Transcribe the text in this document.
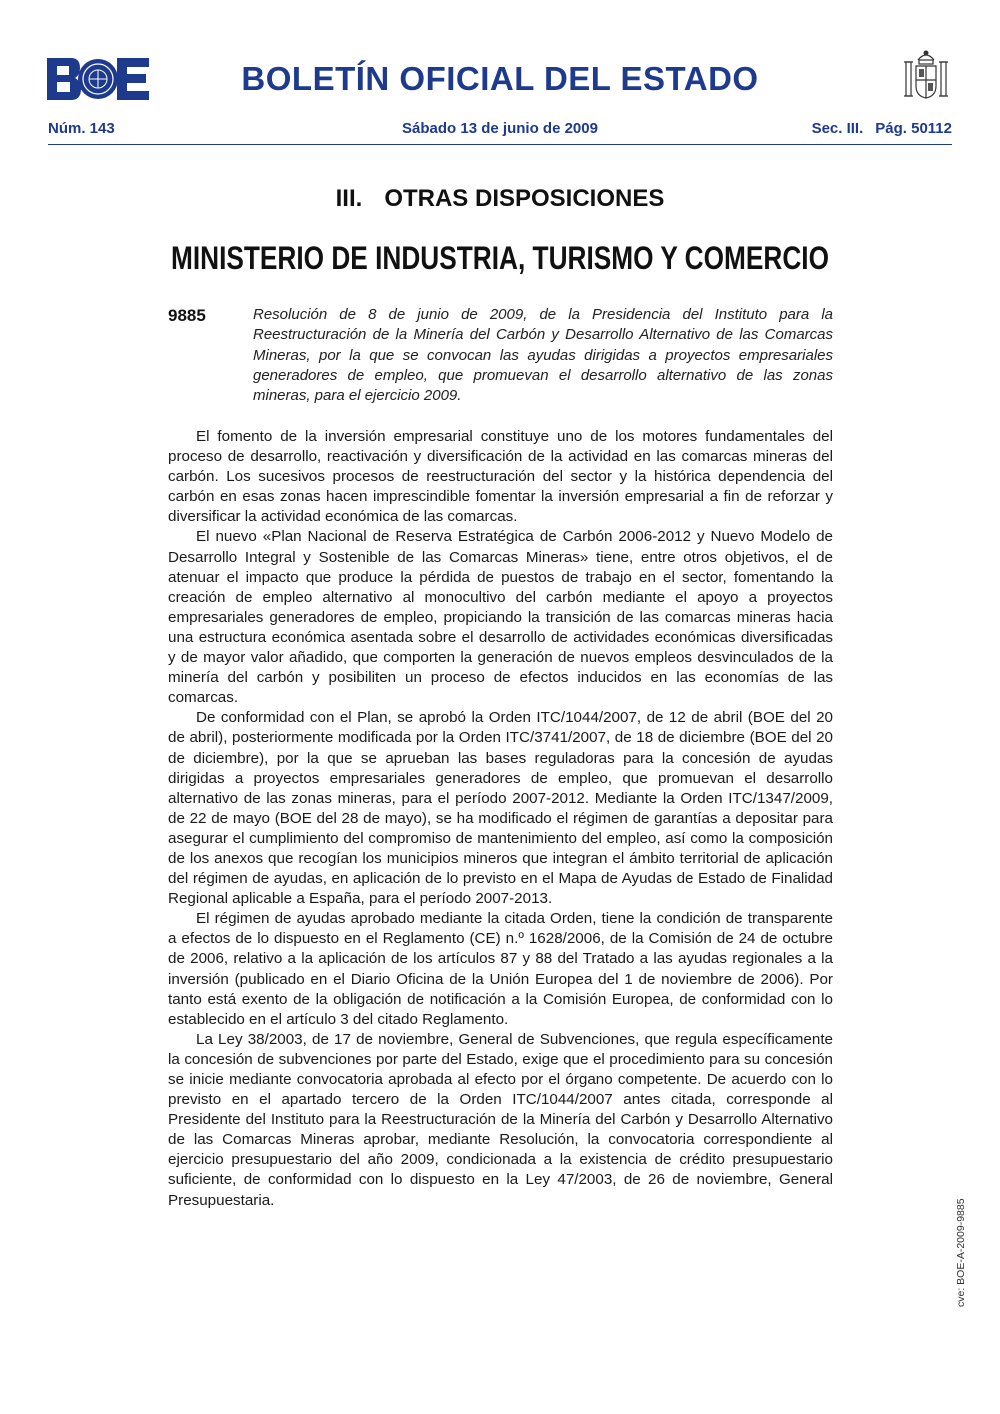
BOLETÍN OFICIAL DEL ESTADO
Núm. 143	Sábado 13 de junio de 2009	Sec. III. Pág. 50112
III. OTRAS DISPOSICIONES
MINISTERIO DE INDUSTRIA, TURISMO Y COMERCIO
9885	Resolución de 8 de junio de 2009, de la Presidencia del Instituto para la Reestructuración de la Minería del Carbón y Desarrollo Alternativo de las Comarcas Mineras, por la que se convocan las ayudas dirigidas a proyectos empresariales generadores de empleo, que promuevan el desarrollo alternativo de las zonas mineras, para el ejercicio 2009.

El fomento de la inversión empresarial constituye uno de los motores fundamentales del proceso de desarrollo, reactivación y diversificación de la actividad en las comarcas mineras del carbón. Los sucesivos procesos de reestructuración del sector y la histórica dependencia del carbón en esas zonas hacen imprescindible fomentar la inversión empresarial a fin de reforzar y diversificar la actividad económica de las comarcas.

El nuevo «Plan Nacional de Reserva Estratégica de Carbón 2006-2012 y Nuevo Modelo de Desarrollo Integral y Sostenible de las Comarcas Mineras» tiene, entre otros objetivos, el de atenuar el impacto que produce la pérdida de puestos de trabajo en el sector, fomentando la creación de empleo alternativo al monocultivo del carbón mediante el apoyo a proyectos empresariales generadores de empleo, propiciando la transición de las comarcas mineras hacia una estructura económica asentada sobre el desarrollo de actividades económicas diversificadas y de mayor valor añadido, que comporten la generación de nuevos empleos desvinculados de la minería del carbón y posibiliten un proceso de efectos inducidos en las economías de las comarcas.

De conformidad con el Plan, se aprobó la Orden ITC/1044/2007, de 12 de abril (BOE del 20 de abril), posteriormente modificada por la Orden ITC/3741/2007, de 18 de diciembre (BOE del 20 de diciembre), por la que se aprueban las bases reguladoras para la concesión de ayudas dirigidas a proyectos empresariales generadores de empleo, que promuevan el desarrollo alternativo de las zonas mineras, para el período 2007-2012. Mediante la Orden ITC/1347/2009, de 22 de mayo (BOE del 28 de mayo), se ha modificado el régimen de garantías a depositar para asegurar el cumplimiento del compromiso de mantenimiento del empleo, así como la composición de los anexos que recogían los municipios mineros que integran el ámbito territorial de aplicación del régimen de ayudas, en aplicación de lo previsto en el Mapa de Ayudas de Estado de Finalidad Regional aplicable a España, para el período 2007-2013.

El régimen de ayudas aprobado mediante la citada Orden, tiene la condición de transparente a efectos de lo dispuesto en el Reglamento (CE) n.º 1628/2006, de la Comisión de 24 de octubre de 2006, relativo a la aplicación de los artículos 87 y 88 del Tratado a las ayudas regionales a la inversión (publicado en el Diario Oficina de la Unión Europea del 1 de noviembre de 2006). Por tanto está exento de la obligación de notificación a la Comisión Europea, de conformidad con lo establecido en el artículo 3 del citado Reglamento.

La Ley 38/2003, de 17 de noviembre, General de Subvenciones, que regula específicamente la concesión de subvenciones por parte del Estado, exige que el procedimiento para su concesión se inicie mediante convocatoria aprobada al efecto por el órgano competente. De acuerdo con lo previsto en el apartado tercero de la Orden ITC/1044/2007 antes citada, corresponde al Presidente del Instituto para la Reestructuración de la Minería del Carbón y Desarrollo Alternativo de las Comarcas Mineras aprobar, mediante Resolución, la convocatoria correspondiente al ejercicio presupuestario del año 2009, condicionada a la existencia de crédito presupuestario suficiente, de conformidad con lo dispuesto en la Ley 47/2003, de 26 de noviembre, General Presupuestaria.	cve: BOE-A-2009-9885
